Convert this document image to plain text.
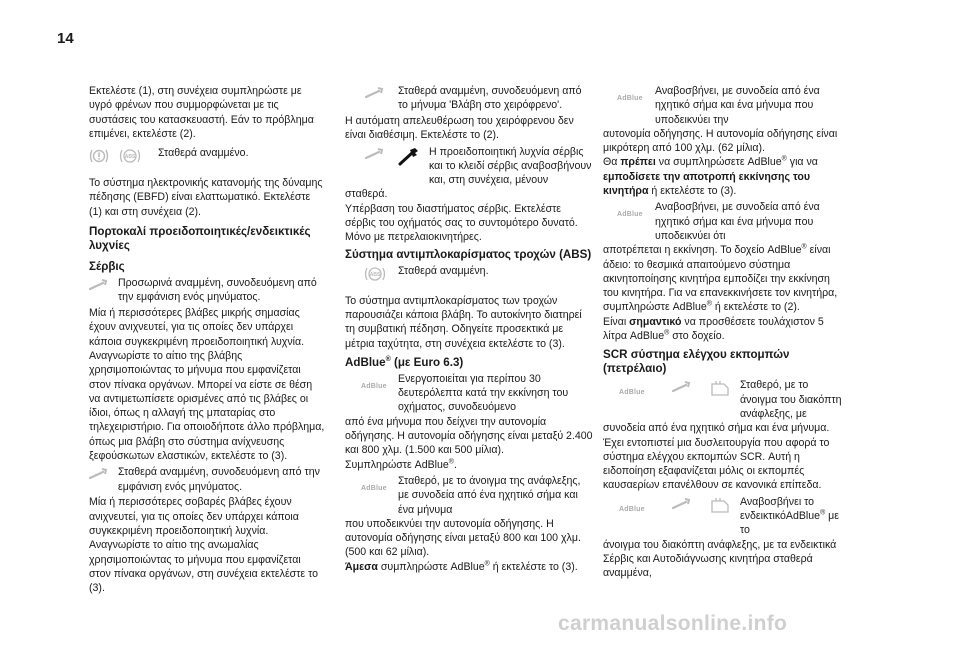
14

Εκτελέστε (1), στη συνέχεια συμπληρώστε με υγρό φρένων που συμμορφώνεται με τις συστάσεις του κατασκευαστή. Εάν το πρόβλημα επιμένει, εκτελέστε (2).

ABS	Σταθερά αναμμένο.

Το σύστημα ηλεκτρονικής κατανομής της δύναμης πέδησης (EBFD) είναι ελαττωματικό. Εκτελέστε (1) και στη συνέχεια (2).

Πορτοκαλί προειδοποιητικές/ενδεικτικές λυχνίες
Σέρβις

Προσωρινά αναμμένη, συνοδευόμενη από την εμφάνιση ενός μηνύματος.

Μία ή περισσότερες βλάβες μικρής σημασίας έχουν ανιχνευτεί, για τις οποίες δεν υπάρχει κάποια συγκεκριμένη προειδοποιητική λυχνία. Αναγνωρίστε το αίτιο της βλάβης χρησιμοποιώντας το μήνυμα που εμφανίζεται στον πίνακα οργάνων. Μπορεί να είστε σε θέση να αντιμετωπίσετε ορισμένες από τις βλάβες οι ίδιοι, όπως η αλλαγή της μπαταρίας στο τηλεχειριστήριο. Για οποιοδήποτε άλλο πρόβλημα, όπως μια βλάβη στο σύστημα ανίχνευσης ξεφούσκωτων ελαστικών, εκτελέστε το (3).

Σταθερά αναμμένη, συνοδευόμενη από την εμφάνιση ενός μηνύματος.

Μία ή περισσότερες σοβαρές βλάβες έχουν ανιχνευτεί, για τις οποίες δεν υπάρχει κάποια συγκεκριμένη προειδοποιητική λυχνία. Αναγνωρίστε το αίτιο της ανωμαλίας χρησιμοποιώντας το μήνυμα που εμφανίζεται στον πίνακα οργάνων, στη συνέχεια εκτελέστε το (3).

Σταθερά αναμμένη, συνοδευόμενη από το μήνυμα 'Βλάβη στο χειρόφρενο'.

Η αυτόματη απελευθέρωση του χειρόφρενου δεν είναι διαθέσιμη. Εκτελέστε το (2).

Η προειδοποιητική λυχνία σέρβις και το κλειδί σέρβις αναβοσβήνουν και, στη συνέχεια, μένουν σταθερά.

Υπέρβαση του διαστήματος σέρβις. Εκτελέστε σέρβις του οχήματός σας το συντομότερο δυνατό. Μόνο με πετρελαιοκινητήρες.

Σύστημα αντιμπλοκαρίσματος τροχών (ABS)
ABS	Σταθερά αναμμένη.

Το σύστημα αντιμπλοκαρίσματος των τροχών παρουσιάζει κάποια βλάβη. Το αυτοκίνητο διατηρεί τη συμβατική πέδηση. Οδηγείτε προσεκτικά με μέτρια ταχύτητα, στη συνέχεια εκτελέστε το (3).

AdBlue® (με Euro 6.3)
AdBlue

Ενεργοποιείται για περίπου 30 δευτερόλεπτα κατά την εκκίνηση του οχήματος, συνοδευόμενο

από ένα μήνυμα που δείχνει την αυτονομία οδήγησης. Η αυτονομία οδήγησης είναι μεταξύ 2.400 και 800 χλμ. (1.500 και 500 μίλια).

Συμπληρώστε AdBlue®.

AdBlue

Σταθερό, με το άνοιγμα της ανάφλεξης, με συνοδεία από ένα ηχητικό σήμα και ένα μήνυμα

που υποδεικνύει την αυτονομία οδήγησης. Η αυτονομία οδήγησης είναι μεταξύ 800 και 100 χλμ. (500 και 62 μίλια).

Άμεσα συμπληρώστε AdBlue® ή εκτελέστε το (3).

AdBlue

Αναβοσβήνει, με συνοδεία από ένα ηχητικό σήμα και ένα μήνυμα που υποδεικνύει την

αυτονομία οδήγησης. Η αυτονομία οδήγησης είναι μικρότερη από 100 χλμ. (62 μίλια).

Θα πρέπει να συμπληρώσετε AdBlue® για να εμποδίσετε την αποτροπή εκκίνησης του κινητήρα ή εκτελέστε το (3).

AdBlue

Αναβοσβήνει, με συνοδεία από ένα ηχητικό σήμα και ένα μήνυμα που υποδεικνύει ότι

αποτρέπεται η εκκίνηση. Το δοχείο AdBlue® είναι άδειο: το θεσμικά απαιτούμενο σύστημα ακινητοποίησης κινητήρα εμποδίζει την εκκίνηση του κινητήρα. Για να επανεκκινήσετε τον κινητήρα, συμπληρώστε AdBlue® ή εκτελέστε το (2).

Είναι σημαντικό να προσθέσετε τουλάχιστον 5 λίτρα AdBlue® στο δοχείο.

SCR σύστημα ελέγχου εκπομπών (πετρέλαιο)
AdBlue

Σταθερό, με το άνοιγμα του διακόπτη ανάφλεξης, με

συνοδεία από ένα ηχητικό σήμα και ένα μήνυμα. Έχει εντοπιστεί μια δυσλειτουργία που αφορά το σύστημα ελέγχου εκπομπών SCR. Αυτή η ειδοποίηση εξαφανίζεται μόλις οι εκπομπές καυσαερίων επανέλθουν σε κανονικά επίπεδα.

AdBlue

Αναβοσβήνει το ενδεικτικόAdBlue® με το

άνοιγμα του διακόπτη ανάφλεξης, με τα ενδεικτικά Σέρβις και Αυτοδιάγνωσης κινητήρα σταθερά αναμμένα,

carmanualsonline.info
